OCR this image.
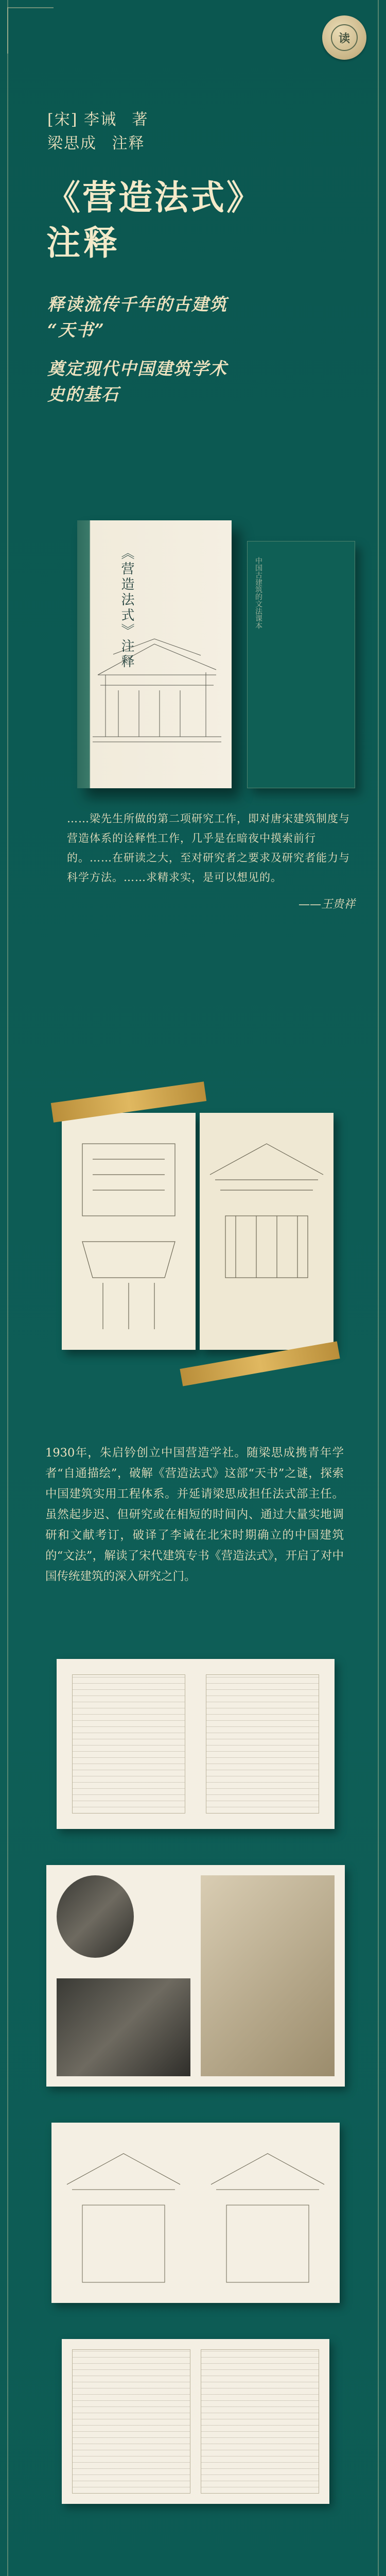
读
[宋] 李诫 著
梁思成 注释
《营造法式》
注释
释读流传千年的古建筑
“天书”
奠定现代中国建筑学术
史的基石
《营造法式》注释	中国古建筑的文法课本
……梁先生所做的第二项研究工作，即对唐宋建筑制度与营造体系的诠释性工作，几乎是在暗夜中摸索前行的。……在研读之大，至对研究者之要求及研究者能力与科学方法。……求精求实，是可以想见的。
——王贵祥
1930年，朱启钤创立中国营造学社。随梁思成携青年学者“自通描绘”，破解《营造法式》这部“天书”之谜，探索中国建筑实用工程体系。并延请梁思成担任法式部主任。虽然起步迟、但研究或在相短的时间内、通过大量实地调研和文献考订，破译了李诫在北宋时期确立的中国建筑的“文法”，解读了宋代建筑专书《营造法式》，开启了对中国传统建筑的深入研究之门。
